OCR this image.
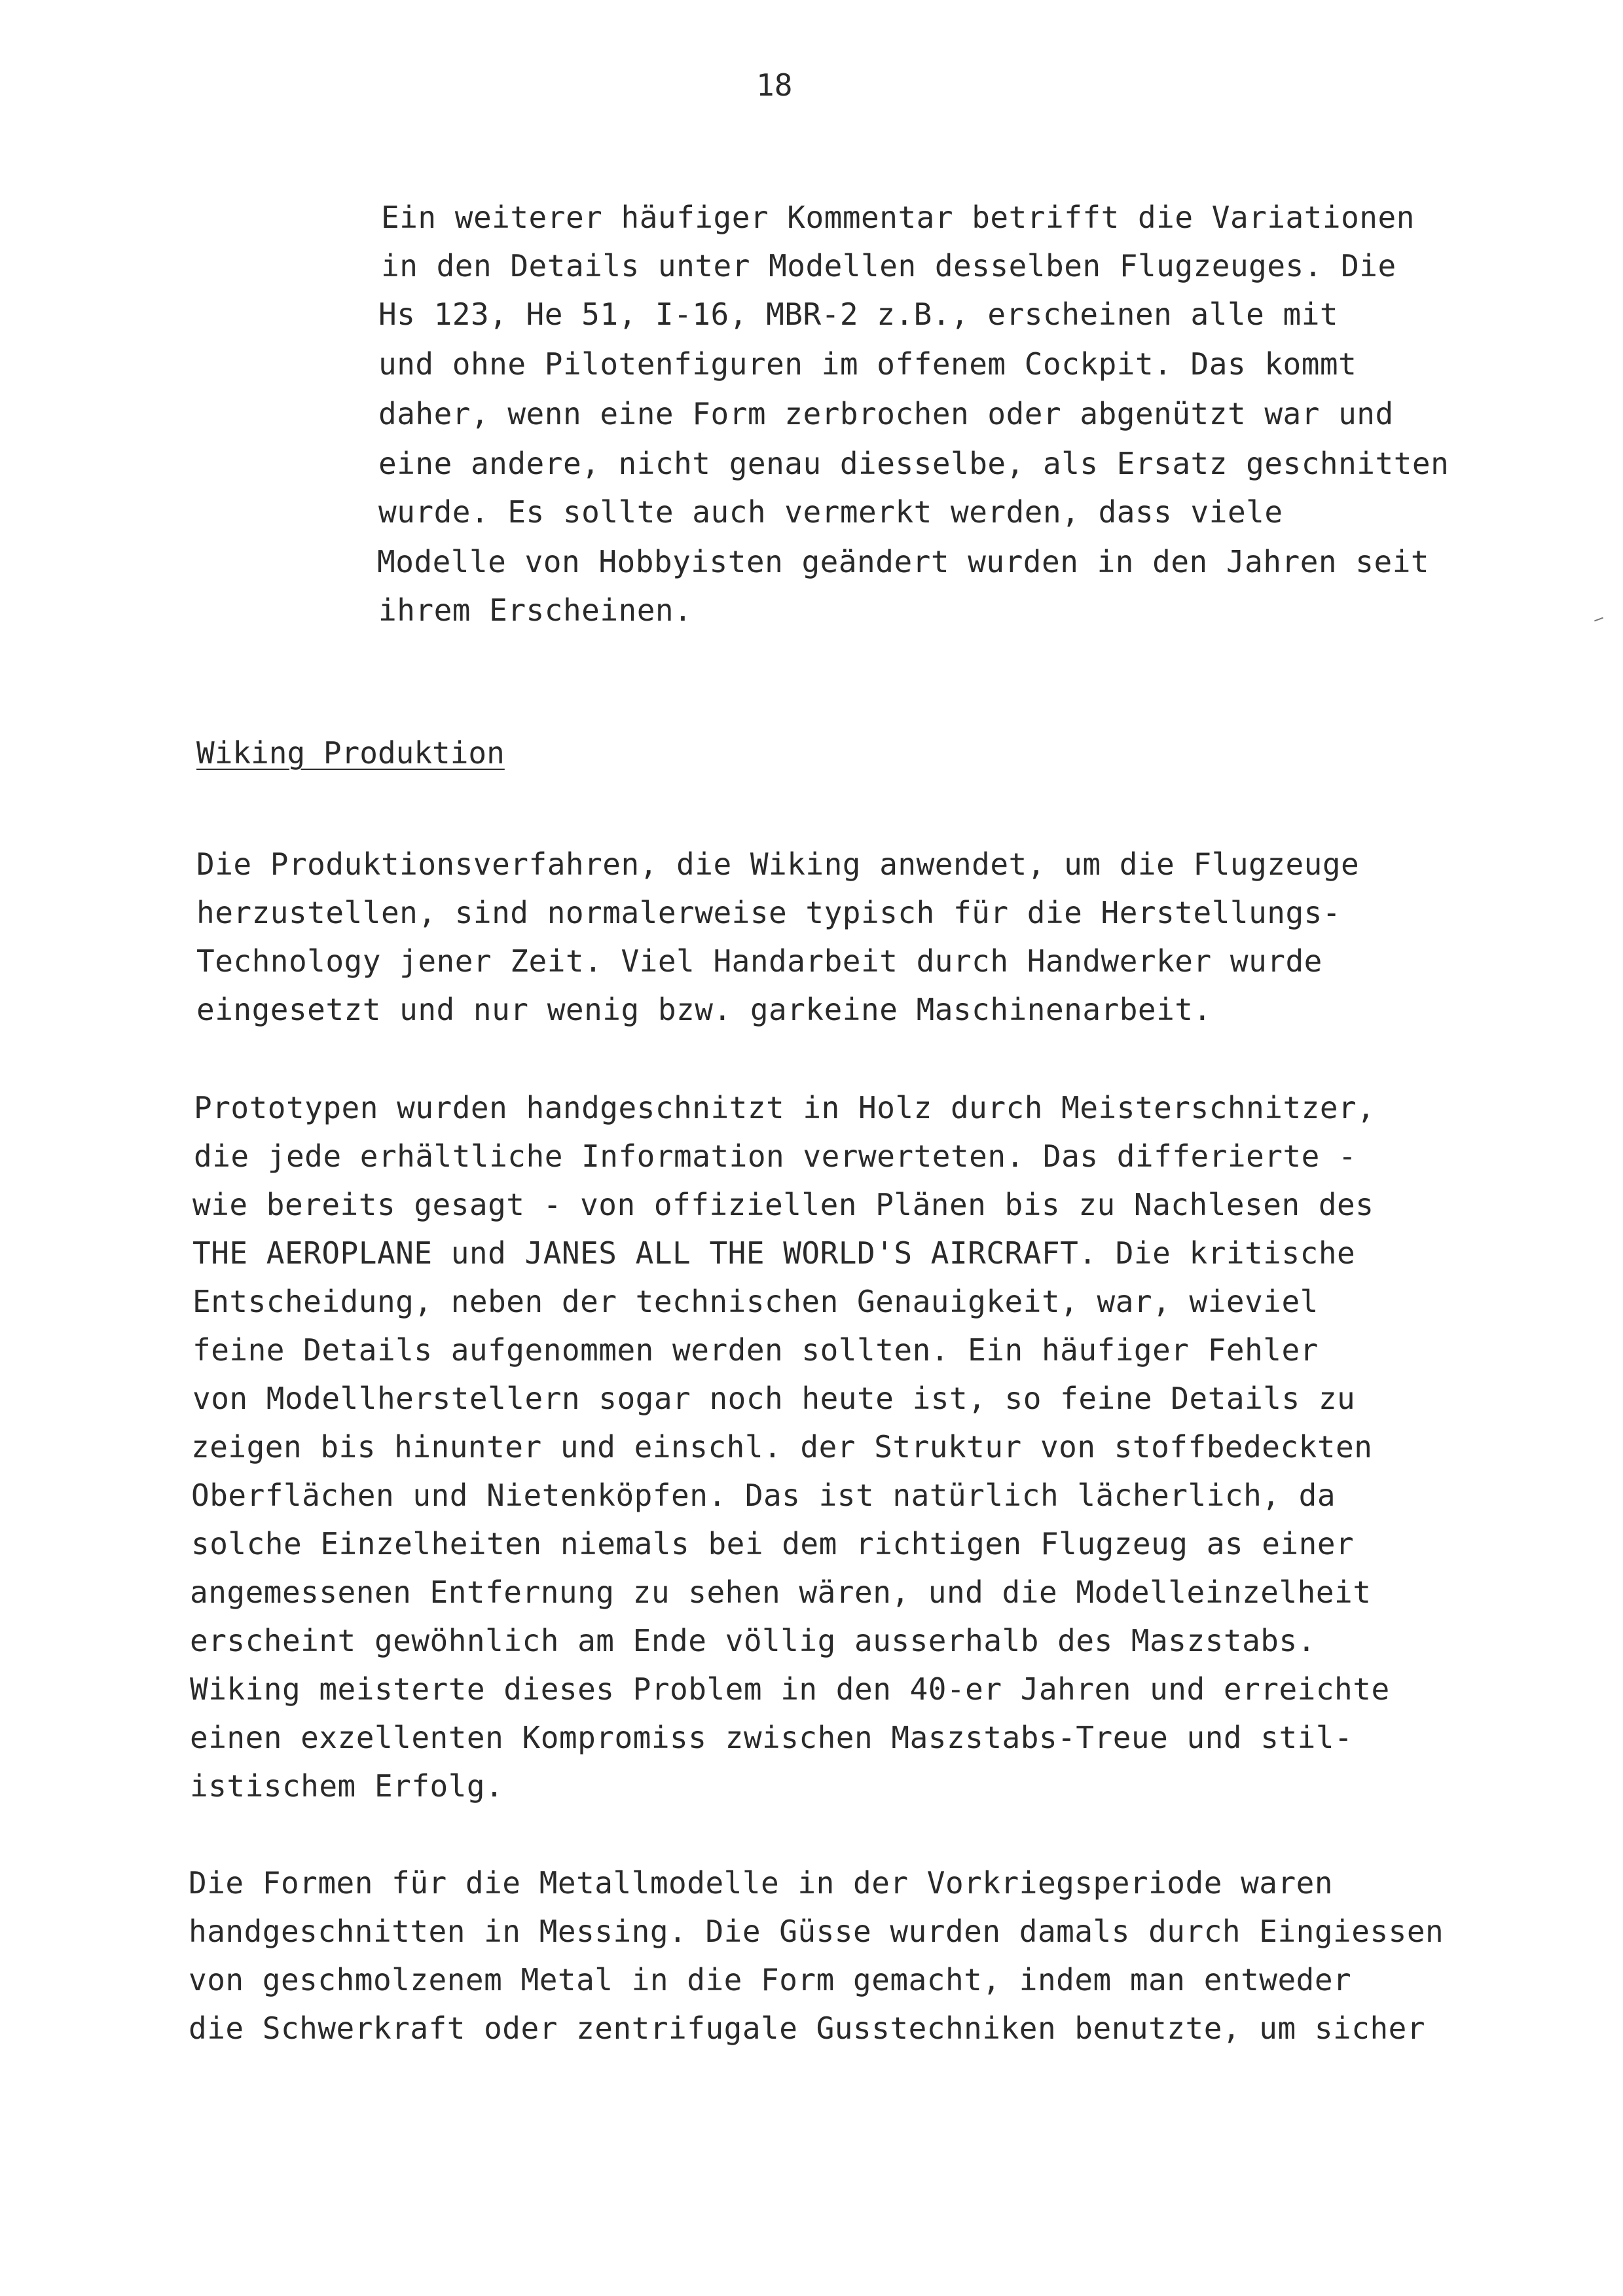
18
Ein weiterer häufiger Kommentar betrifft die Variationen
in den Details unter Modellen desselben Flugzeuges. Die
Hs 123, He 51, I-16, MBR-2 z.B., erscheinen alle mit
und ohne Pilotenfiguren im offenem Cockpit. Das kommt
daher, wenn eine Form zerbrochen oder abgenützt war und
eine andere, nicht genau diesselbe, als Ersatz geschnitten
wurde. Es sollte auch vermerkt werden, dass viele
Modelle von Hobbyisten geändert wurden in den Jahren seit
ihrem Erscheinen.
Wiking Produktion
Die Produktionsverfahren, die Wiking anwendet, um die Flugzeuge
herzustellen, sind normalerweise typisch für die Herstellungs-
Technology jener Zeit. Viel Handarbeit durch Handwerker wurde
eingesetzt und nur wenig bzw. garkeine Maschinenarbeit.
Prototypen wurden handgeschnitzt in Holz durch Meisterschnitzer,
die jede erhältliche Information verwerteten. Das differierte -
wie bereits gesagt - von offiziellen Plänen bis zu Nachlesen des
THE AEROPLANE und JANES ALL THE WORLD'S AIRCRAFT. Die kritische
Entscheidung, neben der technischen Genauigkeit, war, wieviel
feine Details aufgenommen werden sollten. Ein häufiger Fehler
von Modellherstellern sogar noch heute ist, so feine Details zu
zeigen bis hinunter und einschl. der Struktur von stoffbedeckten
Oberflächen und Nietenköpfen. Das ist natürlich lächerlich, da
solche Einzelheiten niemals bei dem richtigen Flugzeug as einer
angemessenen Entfernung zu sehen wären, und die Modelleinzelheit
erscheint gewöhnlich am Ende völlig ausserhalb des Maszstabs.
Wiking meisterte dieses Problem in den 40-er Jahren und erreichte
einen exzellenten Kompromiss zwischen Maszstabs-Treue und stil-
istischem Erfolg.
Die Formen für die Metallmodelle in der Vorkriegsperiode waren
handgeschnitten in Messing. Die Güsse wurden damals durch Eingiessen
von geschmolzenem Metal in die Form gemacht, indem man entweder
die Schwerkraft oder zentrifugale Gusstechniken benutzte, um sicher
